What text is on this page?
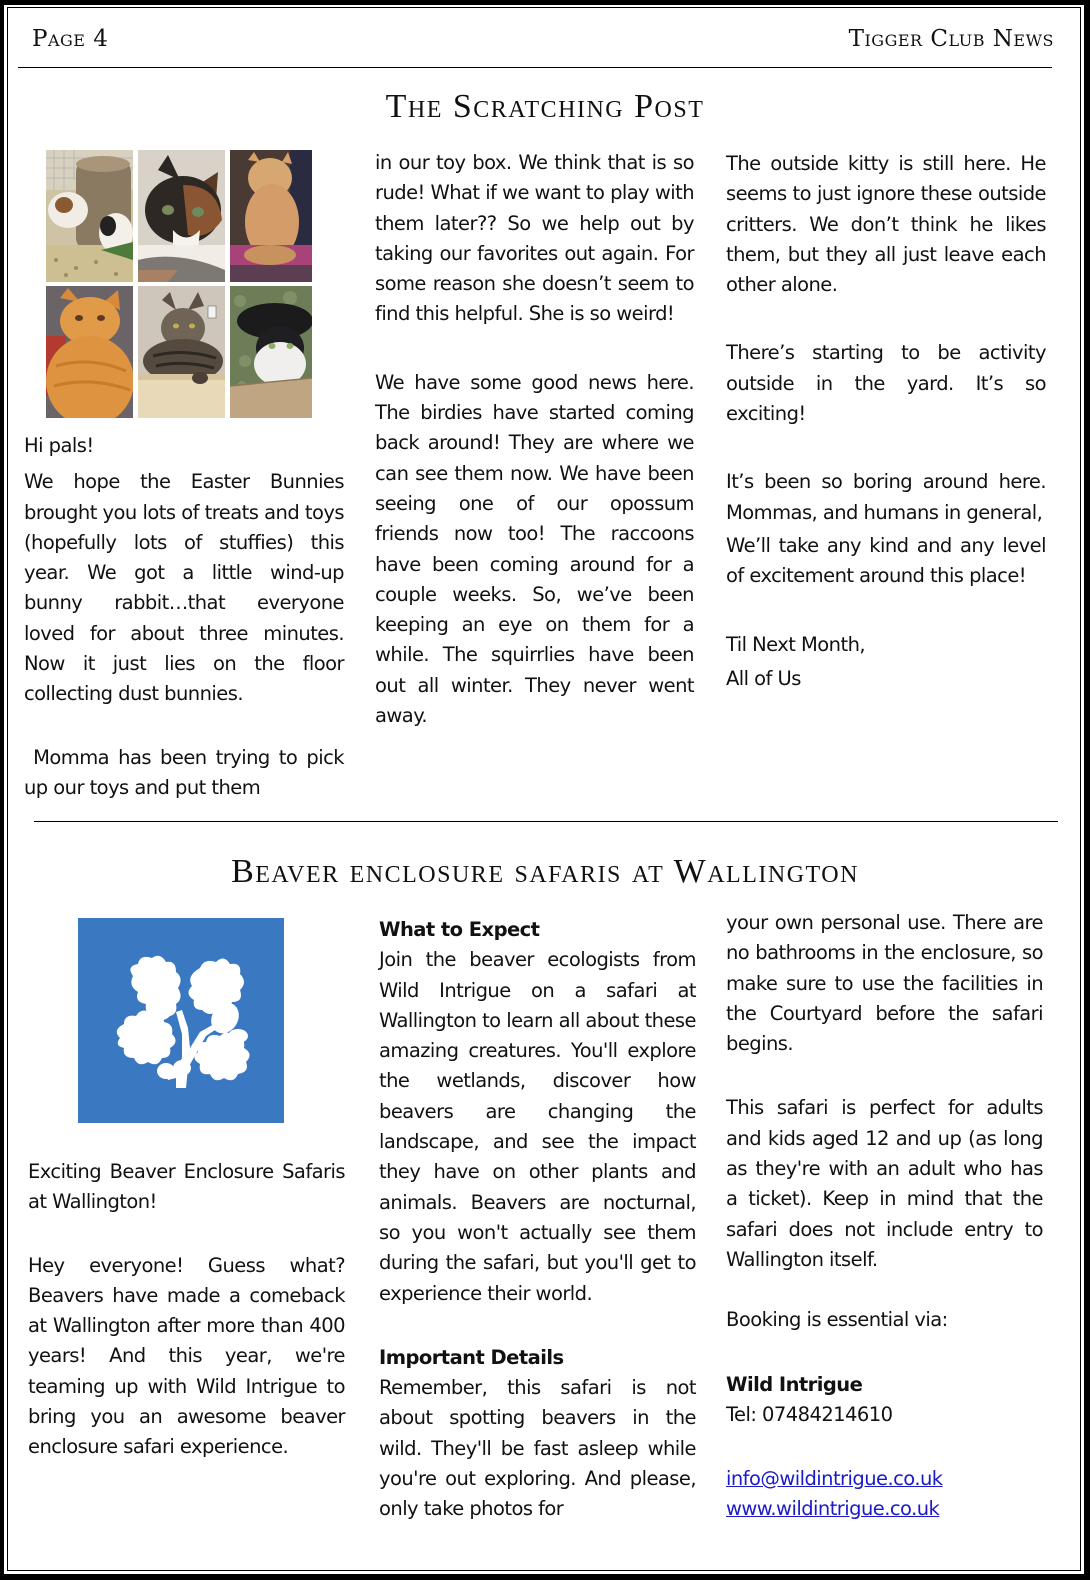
Page 4	Tigger Club News
The Scratching Post

Hi pals!

We hope the Easter Bunnies brought you lots of treats and toys (hopefully lots of stuffies) this year. We got a little wind-up bunny rabbit…that everyone loved for about three minutes. Now it just lies on the floor collecting dust bunnies.

Momma has been trying to pick up our toys and put them

in our toy box. We think that is so rude! What if we want to play with them later?? So we help out by taking our favorites out again. For some reason she doesn’t seem to find this helpful. She is so weird!

We have some good news here. The birdies have started coming back around! They are where we can see them now. We have been seeing one of our opossum friends now too! The raccoons have been coming around for a couple weeks. So, we’ve been keeping an eye on them for a while. The squirrlies have been out all winter. They never went away.

The outside kitty is still here. He seems to just ignore these outside critters. We don’t think he likes them, but they all just leave each other alone.

There’s starting to be activity outside in the yard. It’s so exciting!

It’s been so boring around here. Mommas, and humans in general,

We’ll take any kind and any level of excitement around this place!

Til Next Month,

All of Us

Beaver enclosure safaris at Wallington

Exciting Beaver Enclosure Safaris at Wallington!

Hey everyone! Guess what? Beavers have made a comeback at Wallington after more than 400 years! And this year, we're teaming up with Wild Intrigue to bring you an awesome beaver enclosure safari experience.

What to Expect

Join the beaver ecologists from Wild Intrigue on a safari at Wallington to learn all about these amazing creatures. You'll explore the wetlands, discover how beavers are changing the landscape, and see the impact they have on other plants and animals. Beavers are nocturnal, so you won't actually see them during the safari, but you'll get to experience their world.

Important Details

Remember, this safari is not about spotting beavers in the wild. They'll be fast asleep while you're out exploring. And please, only take photos for

your own personal use. There are no bathrooms in the enclosure, so make sure to use the facilities in the Courtyard before the safari begins.

This safari is perfect for adults and kids aged 12 and up (as long as they're with an adult who has a ticket). Keep in mind that the safari does not include entry to Wallington itself.

Booking is essential via:

Wild Intrigue

Tel: 07484214610

info@wildintrigue.co.uk

www.wildintrigue.co.uk
